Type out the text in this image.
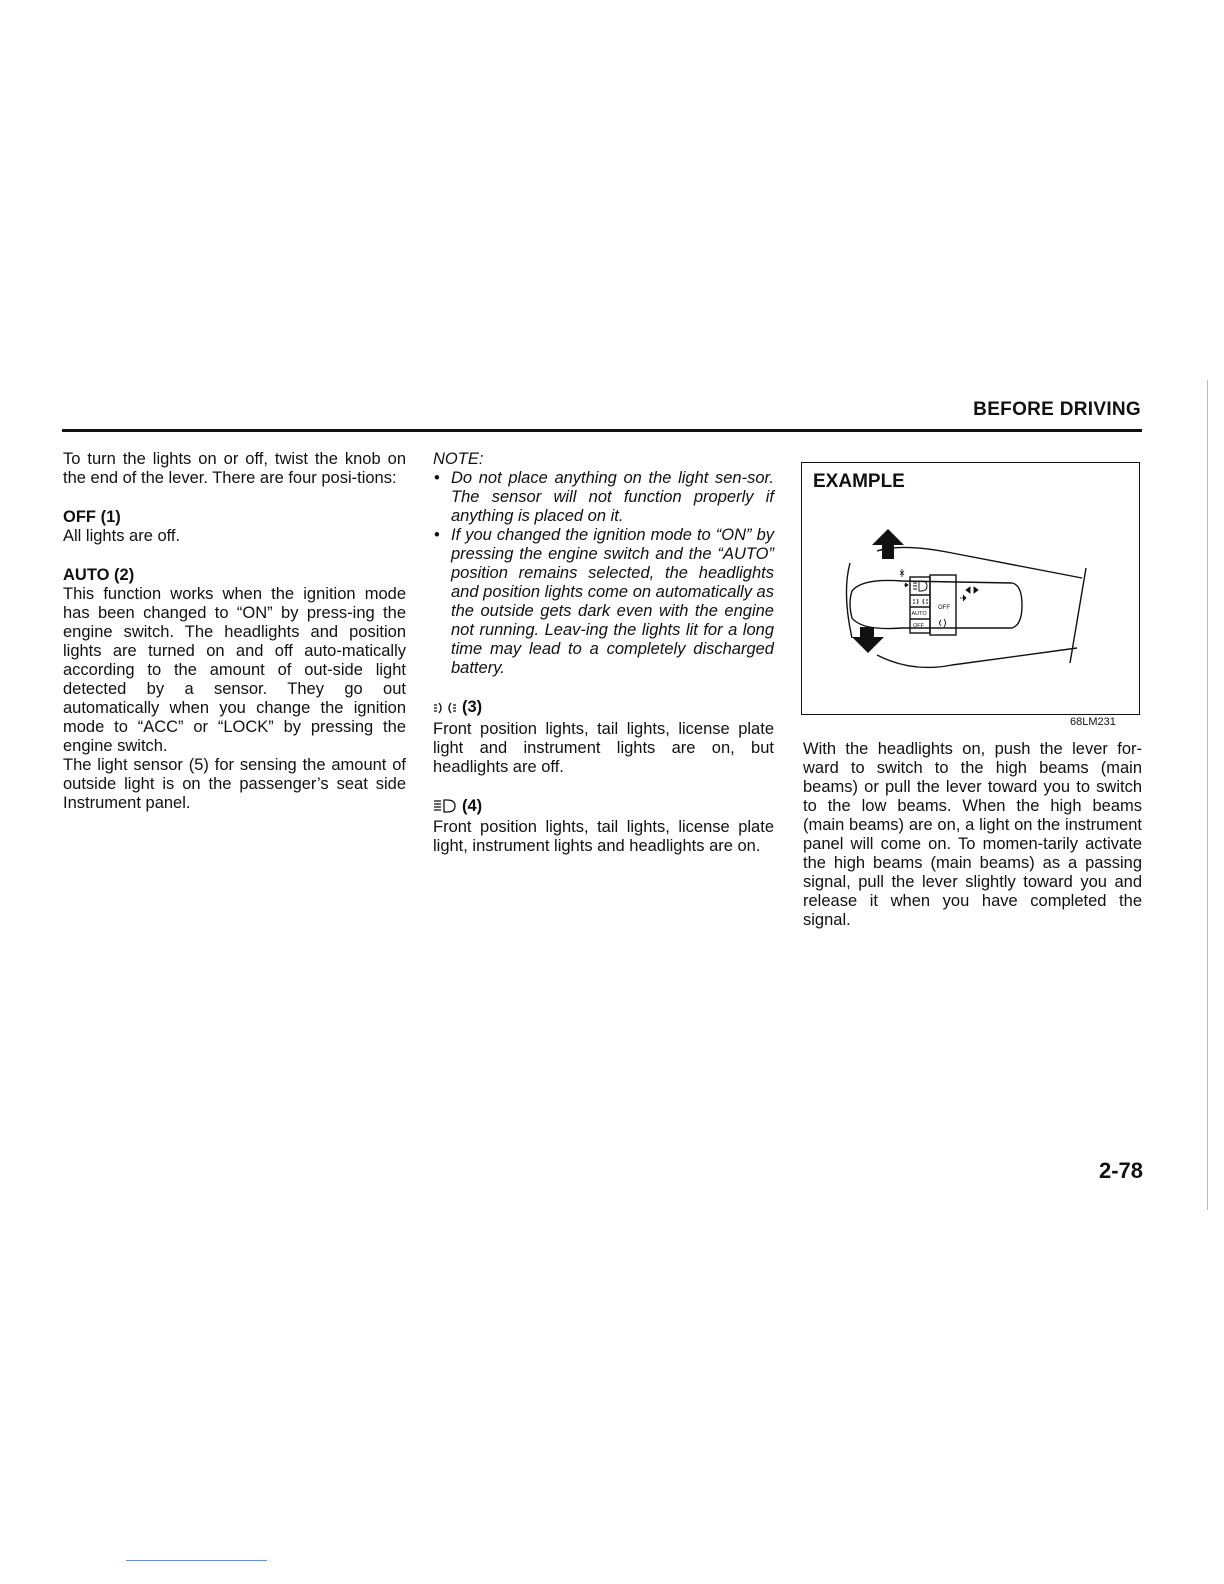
BEFORE DRIVING

To turn the lights on or off, twist the knob on the end of the lever. There are four posi-tions:

OFF (1)

All lights are off.

AUTO (2)

This function works when the ignition mode has been changed to “ON” by press-ing the engine switch. The headlights and position lights are turned on and off auto-matically according to the amount of out-side light detected by a sensor. They go out automatically when you change the ignition mode to “ACC” or “LOCK” by pressing the engine switch.

The light sensor (5) for sensing the amount of outside light is on the passenger’s seat side Instrument panel.

NOTE:

• Do not place anything on the light sen-sor. The sensor will not function properly if anything is placed on it.
• If you changed the ignition mode to “ON” by pressing the engine switch and the “AUTO” position remains selected, the headlights and position lights come on automatically as the outside gets dark even with the engine not running. Leav-ing the lights lit for a long time may lead to a completely discharged battery.
(3)

Front position lights, tail lights, license plate light and instrument lights are on, but headlights are off.

(4)

Front position lights, tail lights, license plate light, instrument lights and headlights are on.

EXAMPLE
AUTO
OFF
OFF
68LM231

With the headlights on, push the lever for-ward to switch to the high beams (main beams) or pull the lever toward you to switch to the low beams. When the high beams (main beams) are on, a light on the instrument panel will come on. To momen-tarily activate the high beams (main beams) as a passing signal, pull the lever slightly toward you and release it when you have completed the signal.

2-78
